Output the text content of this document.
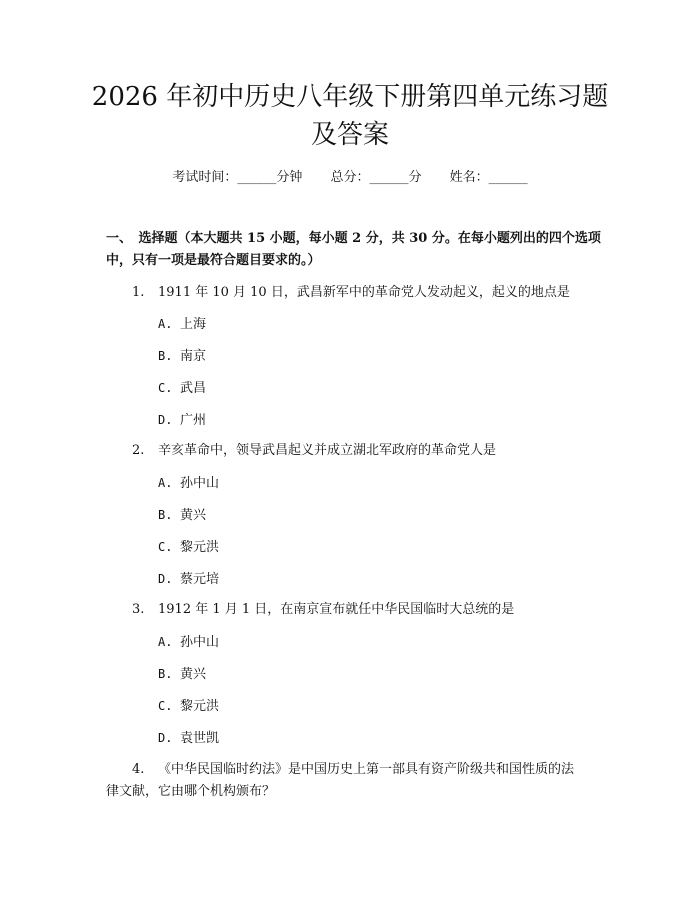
2026 年初中历史八年级下册第四单元练习题及答案
考试时间：______分钟 总分：______分 姓名：______
一、　选择题（本大题共 15 小题，每小题 2 分，共 30 分。在每小题列出的四个选项中，只有一项是最符合题目要求的。）
1. 1911 年 10 月 10 日，武昌新军中的革命党人发动起义，起义的地点是
A. 上海
B. 南京
C. 武昌
D. 广州
2. 辛亥革命中，领导武昌起义并成立湖北军政府的革命党人是
A. 孙中山
B. 黄兴
C. 黎元洪
D. 蔡元培
3. 1912 年 1 月 1 日，在南京宣布就任中华民国临时大总统的是
A. 孙中山
B. 黄兴
C. 黎元洪
D. 袁世凯
4. 《中华民国临时约法》是中国历史上第一部具有资产阶级共和国性质的法
律文献，它由哪个机构颁布？
